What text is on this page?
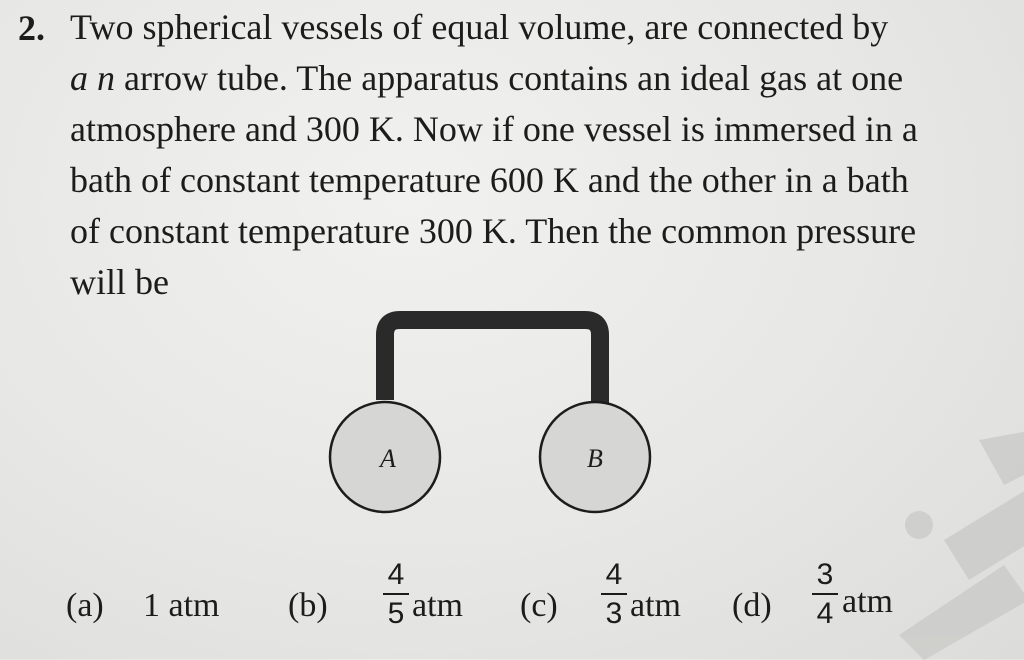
2. Two spherical vessels of equal volume, are connected by
a n arrow tube. The apparatus contains an ideal gas at one
atmosphere and 300 K. Now if one vessel is immersed in a
bath of constant temperature 600 K and the other in a bath
of constant temperature 300 K. Then the common pressure
will be
A	B
(a) 1 atm (b)
4
5 atm (c)
4
3 atm (d)
3
4 atm
